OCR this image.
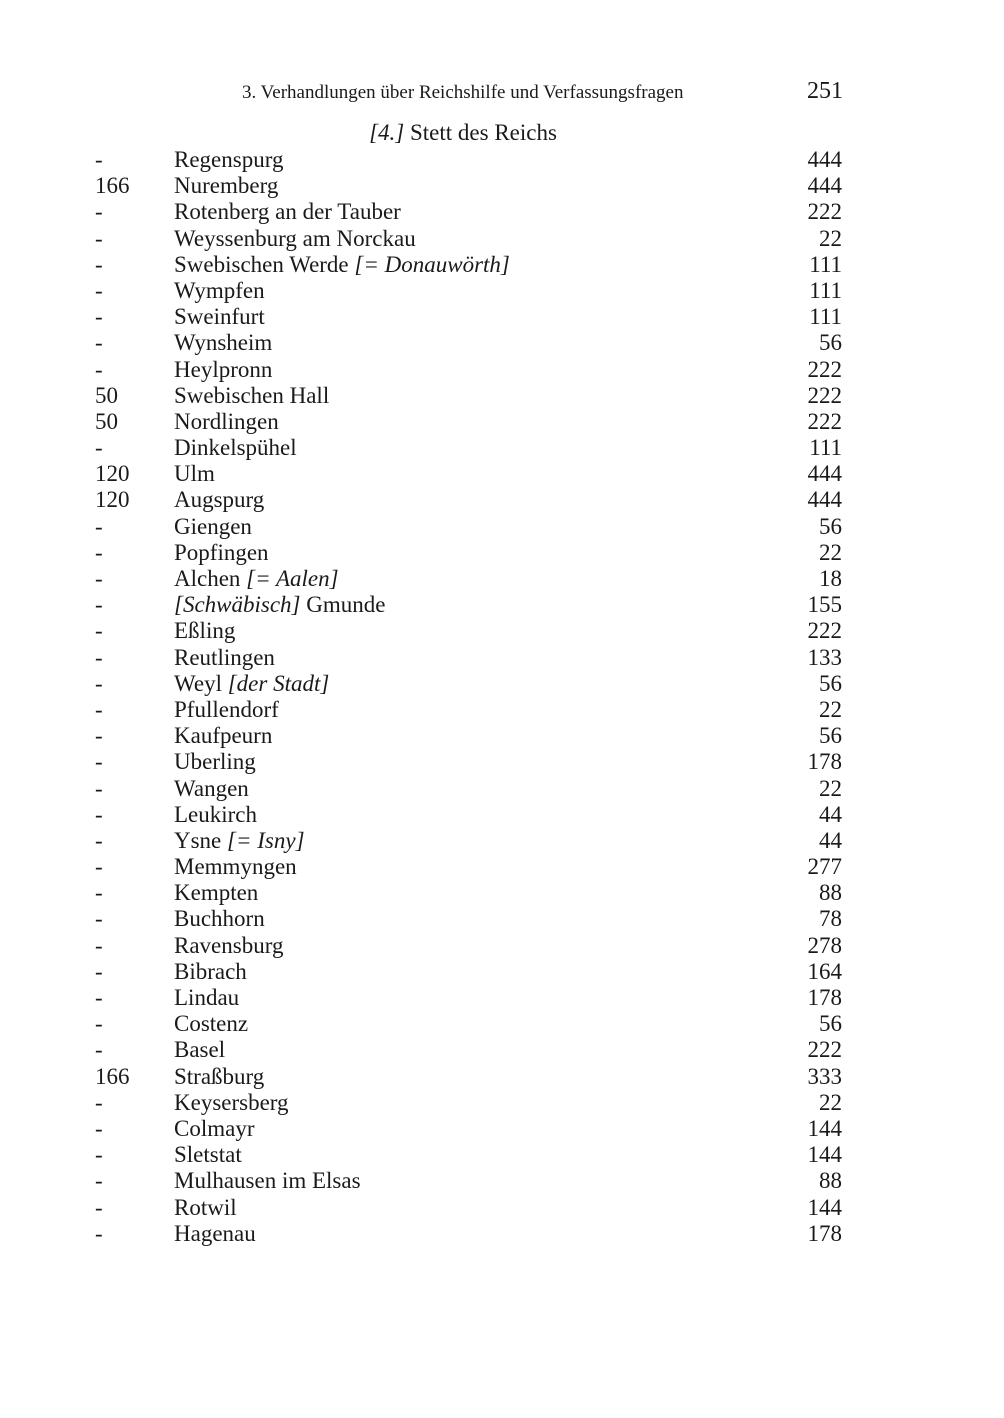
3. Verhandlungen über Reichshilfe und Verfassungsfragen	251
[4.] Stett des Reichs
-	Regenspurg	444
166 Nuremberg	444
-	Rotenberg an der Tauber	222
-	Weyssenburg am Norckau	22
-	Swebischen Werde [= Donauwörth]	111
-	Wympfen	111
-	Sweinfurt	111
-	Wynsheim	56
-	Heylpronn	222
50 Swebischen Hall	222
50 Nordlingen	222
-	Dinkelspühel	111
120 Ulm	444
120 Augspurg	444
-	Giengen	56
-	Popfingen	22
-	Alchen [= Aalen]	18
-	[Schwäbisch] Gmunde	155
-	Eßling	222
-	Reutlingen	133
-	Weyl [der Stadt]	56
-	Pfullendorf	22
-	Kaufpeurn	56
-	Uberling	178
-	Wangen	22
-	Leukirch	44
-	Ysne [= Isny]	44
-	Memmyngen	277
-	Kempten	88
-	Buchhorn	78
-	Ravensburg	278
-	Bibrach	164
-	Lindau	178
-	Costenz	56
-	Basel	222
166 Straßburg	333
-	Keysersberg	22
-	Colmayr	144
-	Sletstat	144
-	Mulhausen im Elsas	88
-	Rotwil	144
-	Hagenau	178
